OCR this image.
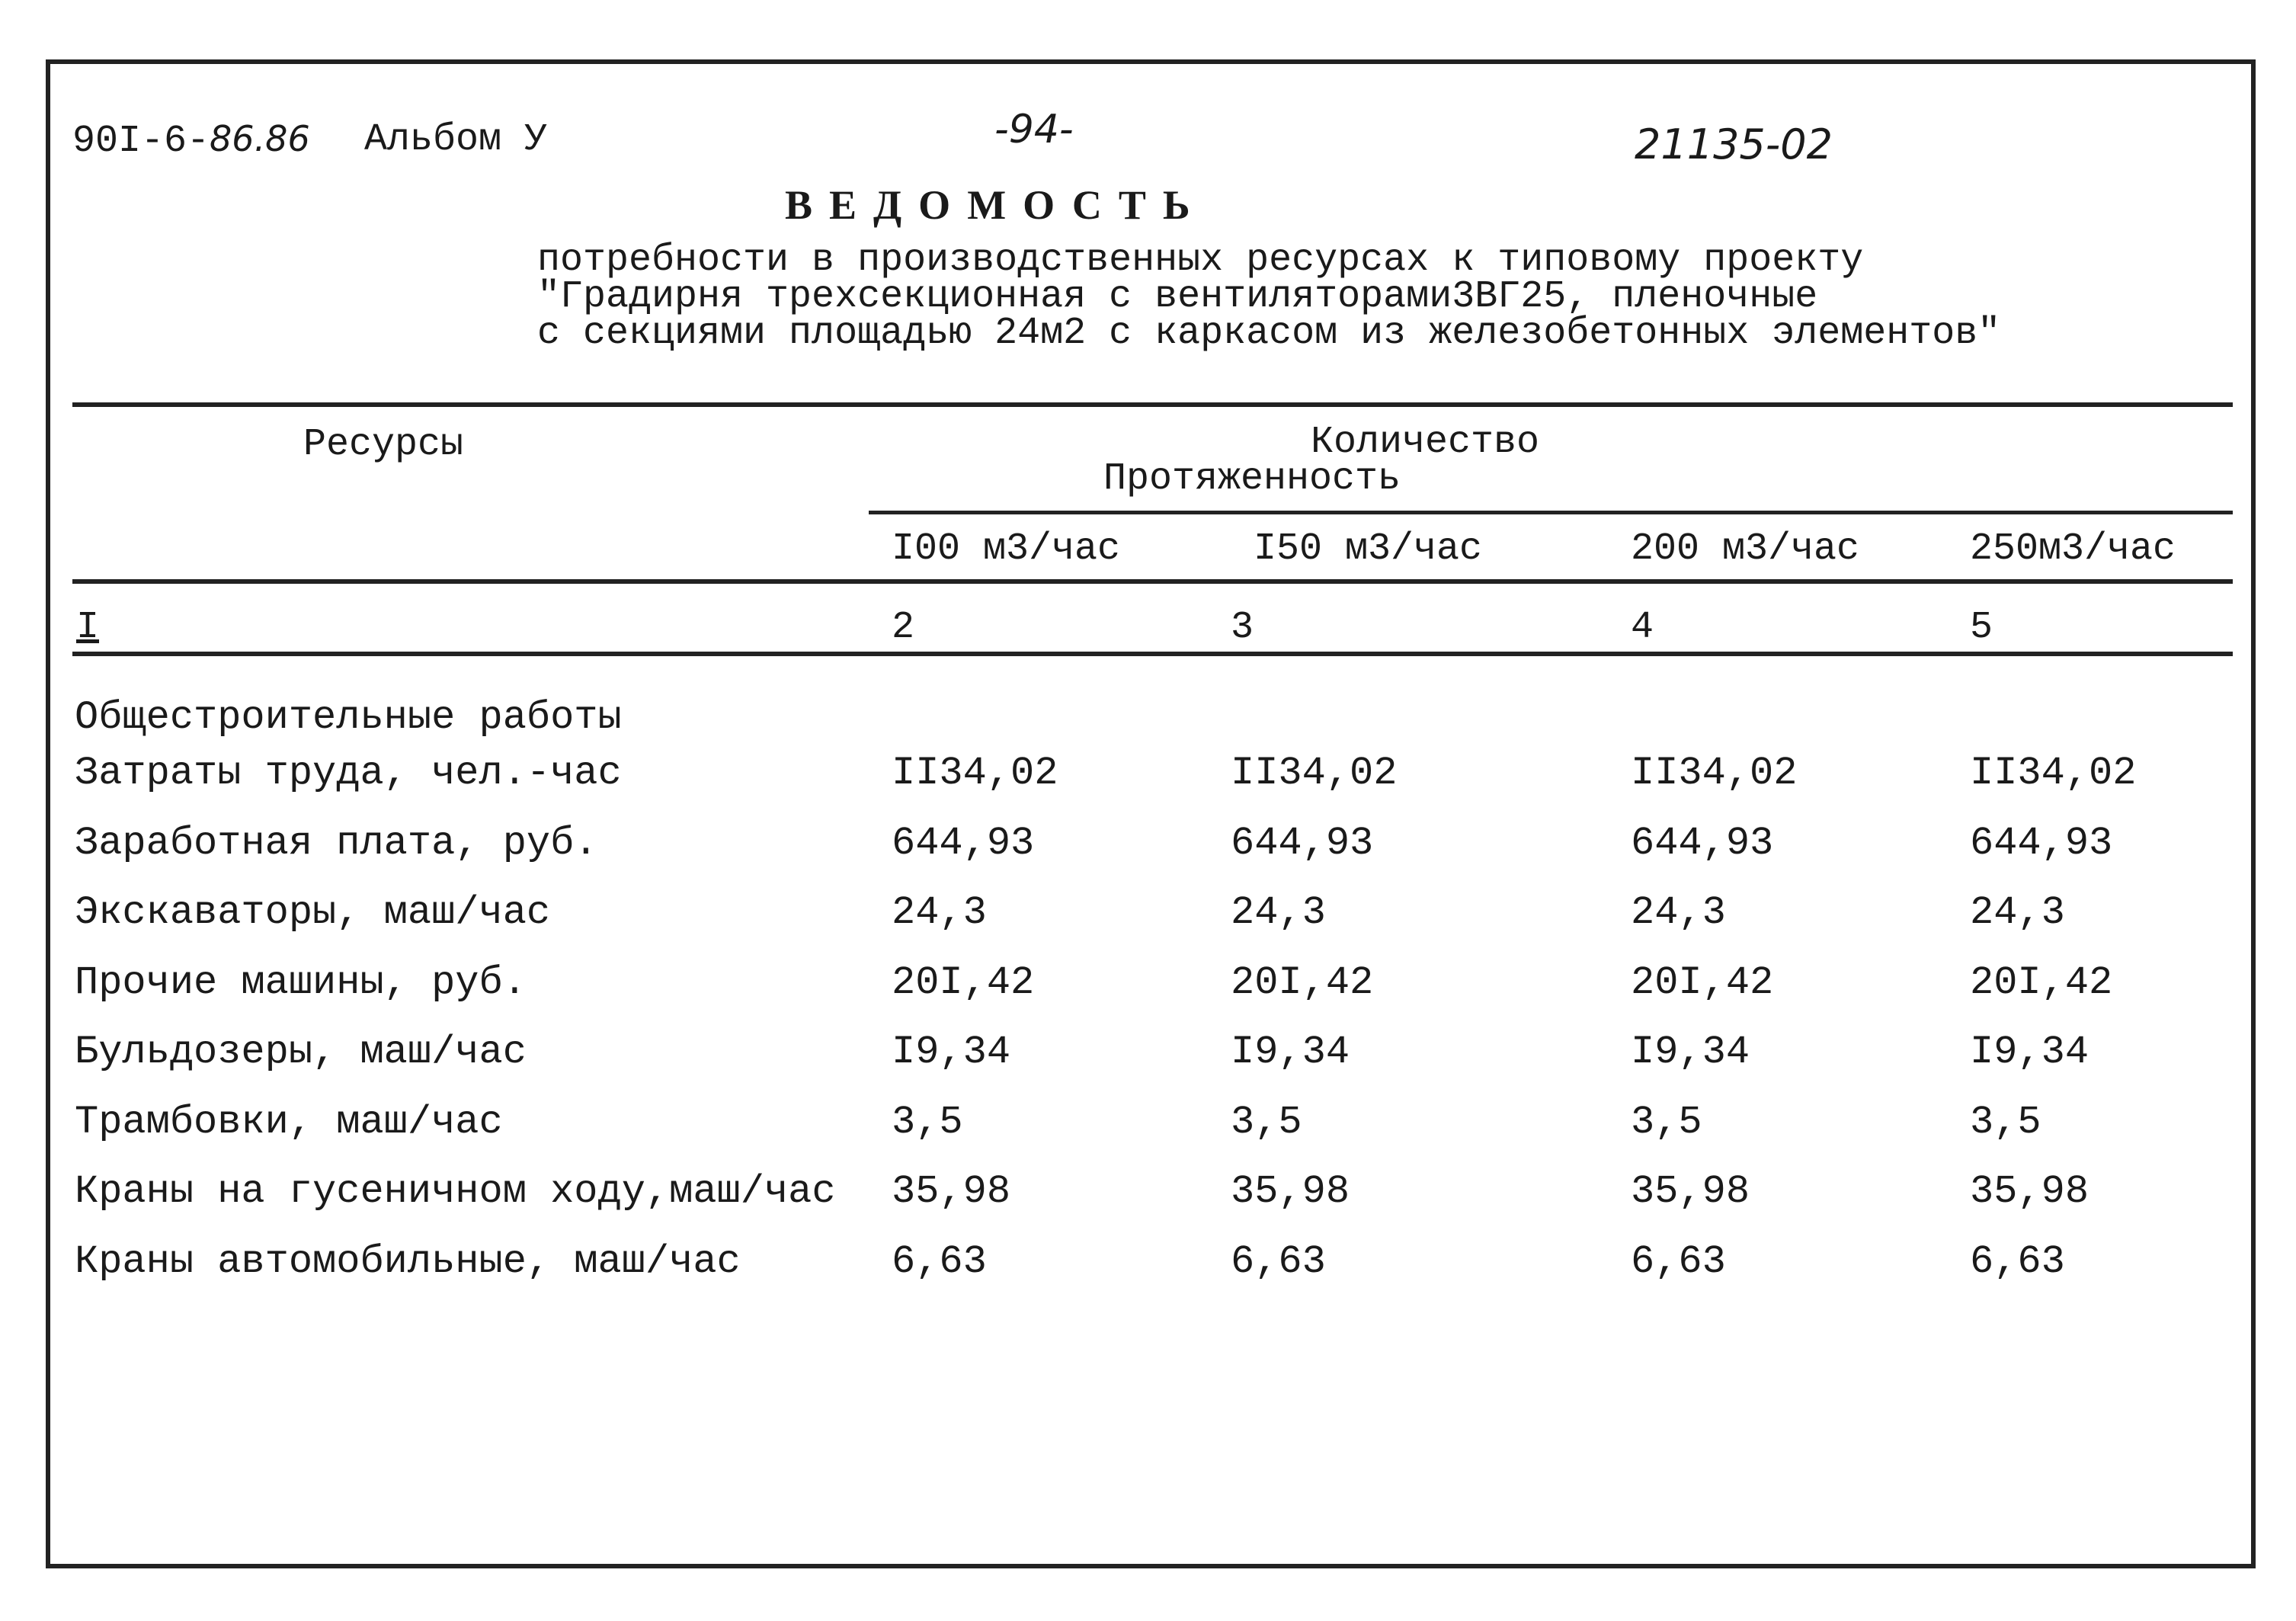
90I-6-86.86 Альбом У	-94-	21135-02
ВЕДОМОСТЬ
потребности в производственных ресурсах к типовому проекту
"Градирня трехсекционная с вентиляторами3ВГ25, пленочные
с секциями площадью 24м2 с каркасом из железобетонных элементов"
Ресурсы	Количество
Протяженность
I00 м3/час	I50 м3/час	200 м3/час	250м3/час
I	2	3	4	5
Общестроительные работы
Затраты труда, чел.-час	II34,02	II34,02	II34,02	II34,02
Заработная плата, руб.	644,93	644,93	644,93	644,93
Экскаваторы, маш/час	24,3	24,3	24,3	24,3
Прочие машины, руб.	20I,42	20I,42	20I,42	20I,42
Бульдозеры, маш/час	I9,34	I9,34	I9,34	I9,34
Трамбовки, маш/час	3,5	3,5	3,5	3,5
Краны на гусеничном ходу,маш/час 35,98	35,98	35,98	35,98
Краны автомобильные, маш/час	6,63	6,63	6,63	6,63
